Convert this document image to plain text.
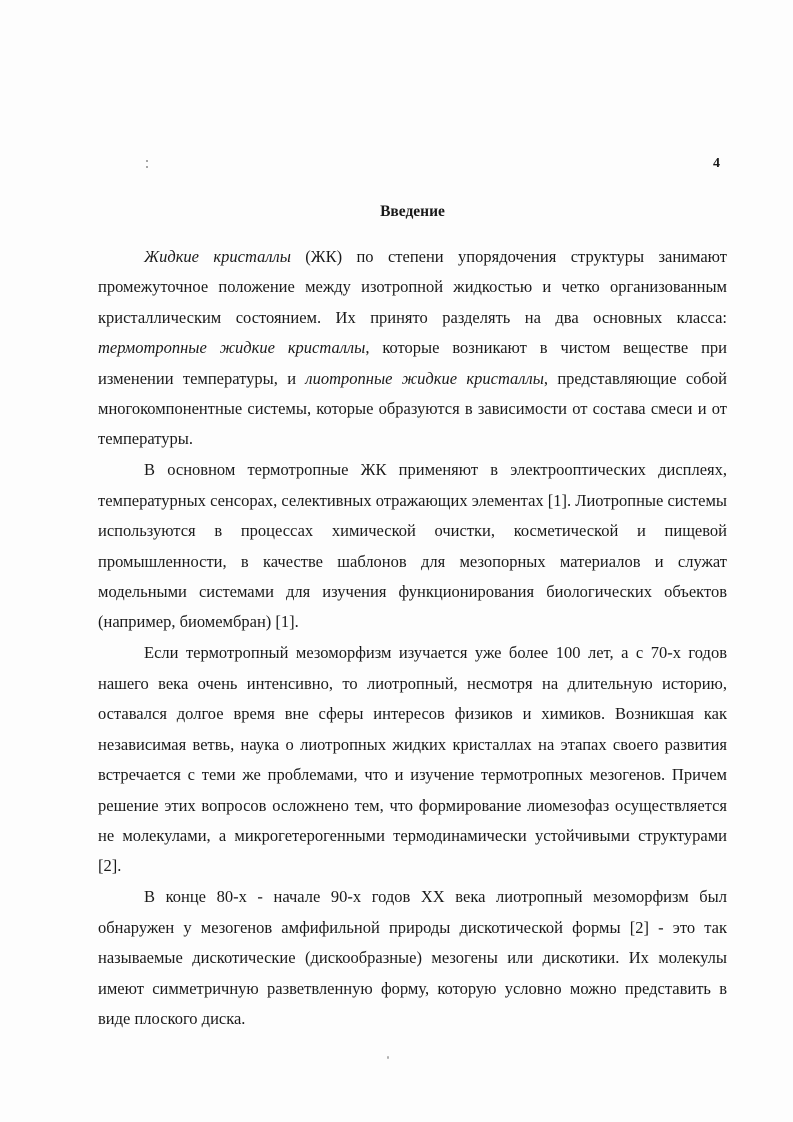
4
Введение

Жидкие кристаллы (ЖК) по степени упорядочения структуры занимают промежуточное положение между изотропной жидкостью и четко организованным кристаллическим состоянием. Их принято разделять на два основных класса: термотропные жидкие кристаллы, которые возникают в чистом веществе при изменении температуры, и лиотропные жидкие кристаллы, представляющие собой многокомпонентные системы, которые образуются в зависимости от состава смеси и от температуры.

В основном термотропные ЖК применяют в электрооптических дисплеях, температурных сенсорах, селективных отражающих элементах [1]. Лиотропные системы используются в процессах химической очистки, косметической и пищевой промышленности, в качестве шаблонов для мезопорных материалов и служат модельными системами для изучения функционирования биологических объектов (например, биомембран) [1].

Если термотропный мезоморфизм изучается уже более 100 лет, а с 70-х годов нашего века очень интенсивно, то лиотропный, несмотря на длительную историю, оставался долгое время вне сферы интересов физиков и химиков. Возникшая как независимая ветвь, наука о лиотропных жидких кристаллах на этапах своего развития встречается с теми же проблемами, что и изучение термотропных мезогенов. Причем решение этих вопросов осложнено тем, что формирование лиомезофаз осуществляется не молекулами, а микрогетерогенными термодинамически устойчивыми структурами [2].

В конце 80-х - начале 90-х годов XX века лиотропный мезоморфизм был обнаружен у мезогенов амфифильной природы дискотической формы [2] - это так называемые дискотические (дискообразные) мезогены или дискотики. Их молекулы имеют симметричную разветвленную форму, которую условно можно представить в виде плоского диска.
